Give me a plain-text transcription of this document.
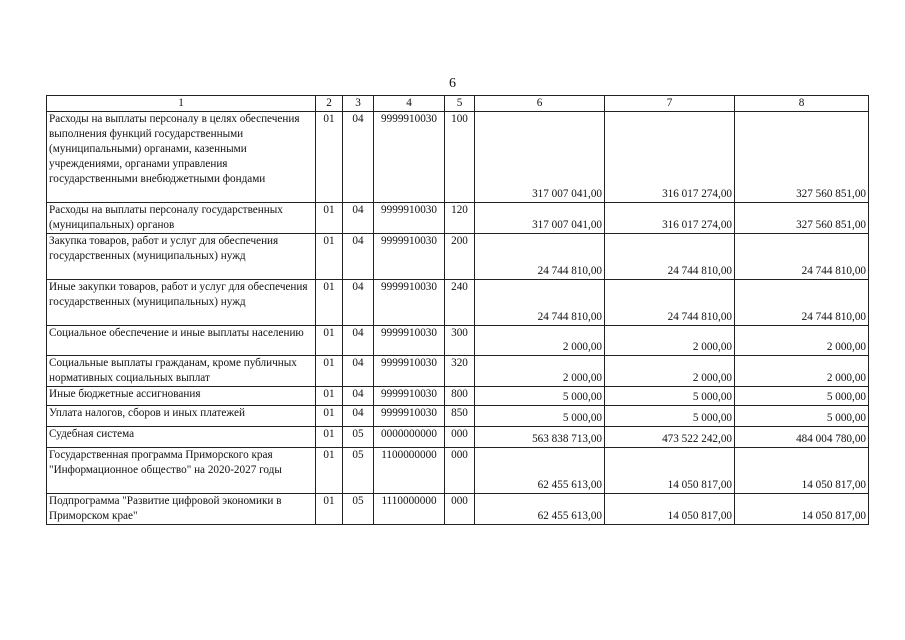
6
1	2	3	4	5	6	7	8
Расходы на выплаты персоналу в целях обеспечения выполнения функций государственными (муниципальными) органами, казенными учреждениями, органами управления государственными внебюджетными фондами	01	04	9999910030	100	317 007 041,00	316 017 274,00	327 560 851,00
Расходы на выплаты персоналу государственных (муниципальных) органов	01	04	9999910030	120	317 007 041,00	316 017 274,00	327 560 851,00
Закупка товаров, работ и услуг для обеспечения государственных (муниципальных) нужд	01	04	9999910030	200	24 744 810,00	24 744 810,00	24 744 810,00
Иные закупки товаров, работ и услуг для обеспечения государственных (муниципальных) нужд	01	04	9999910030	240	24 744 810,00	24 744 810,00	24 744 810,00
Социальное обеспечение и иные выплаты населению	01	04	9999910030	300	2 000,00	2 000,00	2 000,00
Социальные выплаты гражданам, кроме публичных нормативных социальных выплат	01	04	9999910030	320	2 000,00	2 000,00	2 000,00
Иные бюджетные ассигнования	01	04	9999910030	800	5 000,00	5 000,00	5 000,00
Уплата налогов, сборов и иных платежей	01	04	9999910030	850	5 000,00	5 000,00	5 000,00
Судебная система	01	05	0000000000	000	563 838 713,00	473 522 242,00	484 004 780,00
Государственная программа Приморского края "Информационное общество" на 2020-2027 годы	01	05	1100000000	000	62 455 613,00	14 050 817,00	14 050 817,00
Подпрограмма "Развитие цифровой экономики в Приморском крае"	01	05	1110000000	000	62 455 613,00	14 050 817,00	14 050 817,00
